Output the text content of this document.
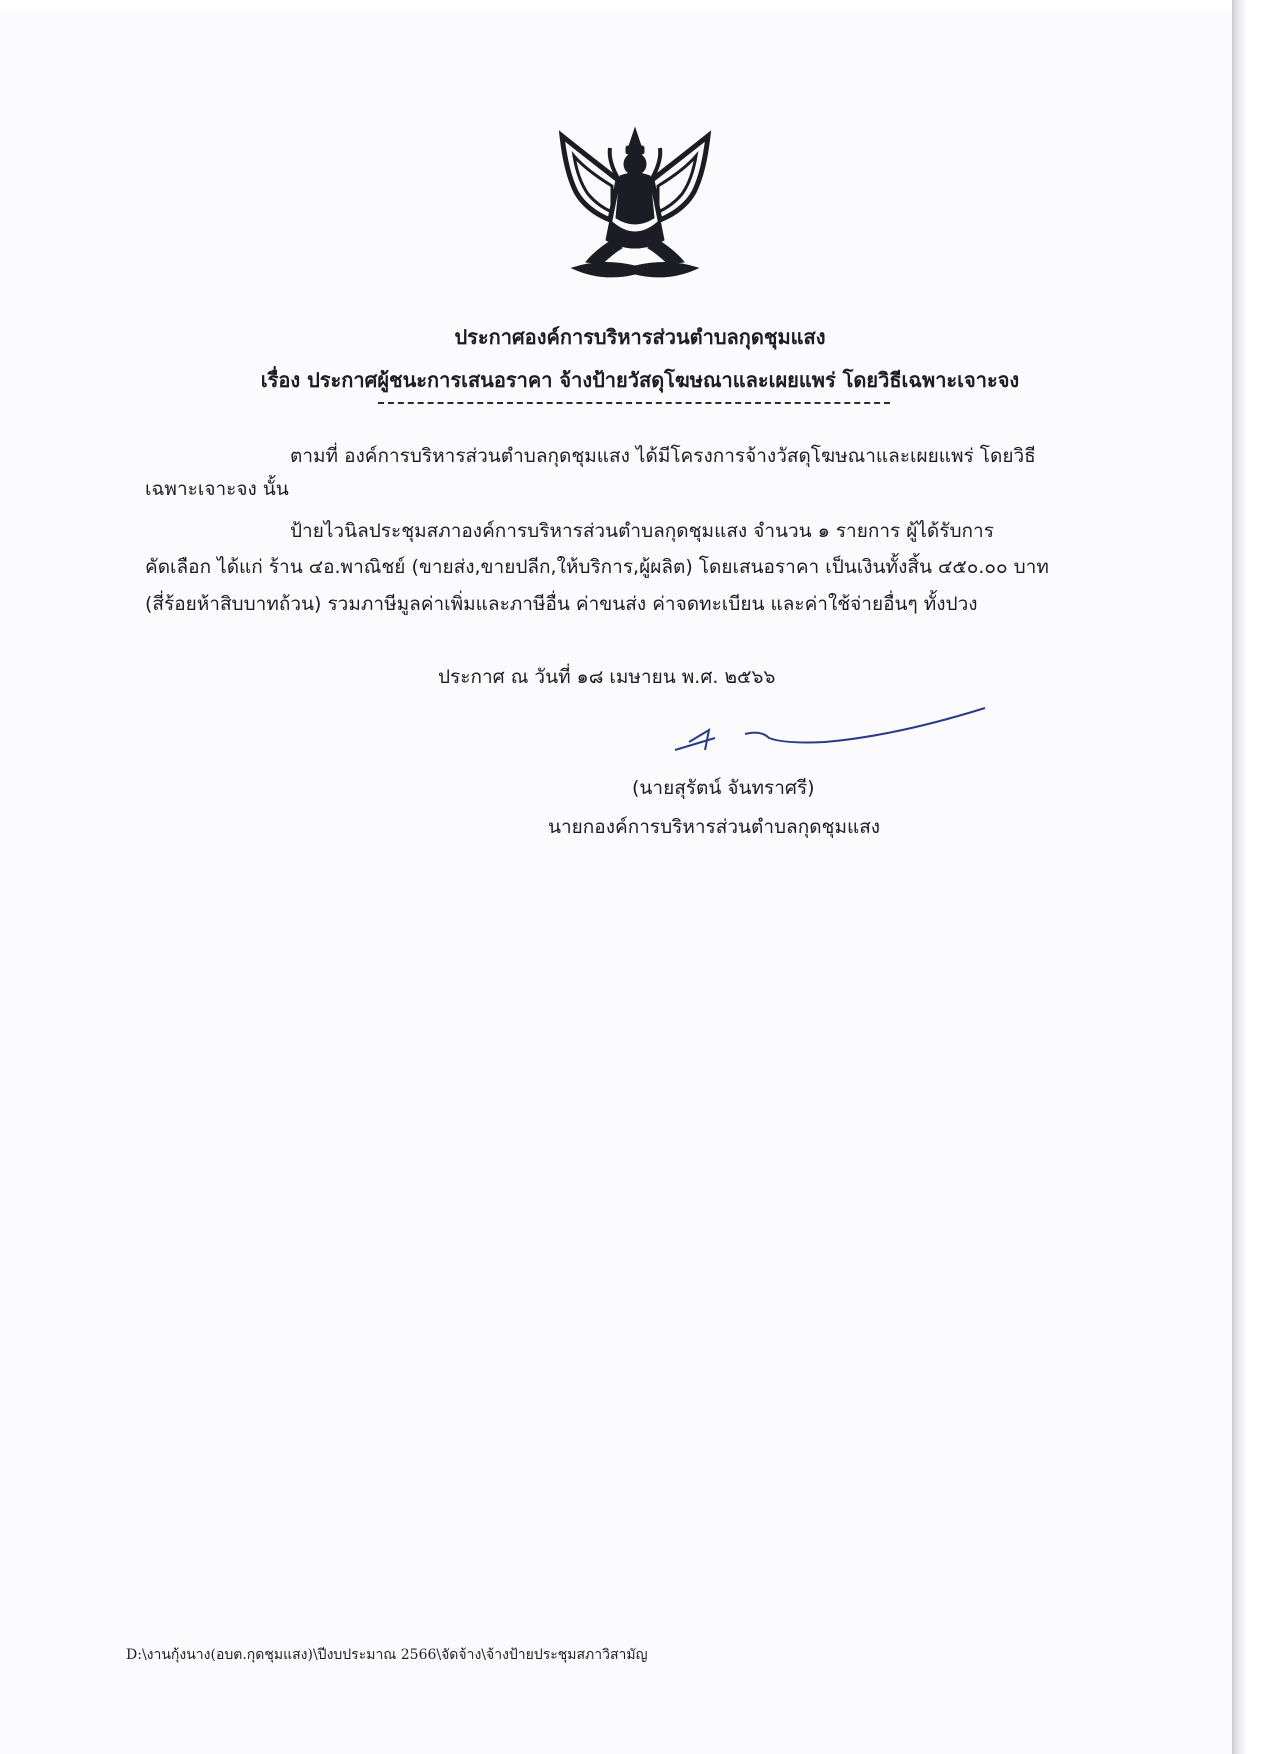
ประกาศองค์การบริหารส่วนตำบลกุดชุมแสง
เรื่อง ประกาศผู้ชนะการเสนอราคา จ้างป้ายวัสดุโฆษณาและเผยแพร่ โดยวิธีเฉพาะเจาะจง
ตามที่ องค์การบริหารส่วนตำบลกุดชุมแสง ได้มีโครงการจ้างวัสดุโฆษณาและเผยแพร่ โดยวิธี
เฉพาะเจาะจง นั้น
ป้ายไวนิลประชุมสภาองค์การบริหารส่วนตำบลกุดชุมแสง จำนวน ๑ รายการ ผู้ได้รับการ
คัดเลือก ได้แก่ ร้าน ๔อ.พาณิชย์ (ขายส่ง,ขายปลีก,ให้บริการ,ผู้ผลิต) โดยเสนอราคา เป็นเงินทั้งสิ้น ๔๕๐.๐๐ บาท
(สี่ร้อยห้าสิบบาทถ้วน) รวมภาษีมูลค่าเพิ่มและภาษีอื่น ค่าขนส่ง ค่าจดทะเบียน และค่าใช้จ่ายอื่นๆ ทั้งปวง
ประกาศ ณ วันที่ ๑๘ เมษายน พ.ศ. ๒๕๖๖
(นายสุรัตน์ จันทราศรี)
นายกองค์การบริหารส่วนตำบลกุดชุมแสง
D:\งานกุ้งนาง(อบต.กุดชุมแสง)\ปีงบประมาณ 2566\จัดจ้าง\จ้างป้ายประชุมสภาวิสามัญ
